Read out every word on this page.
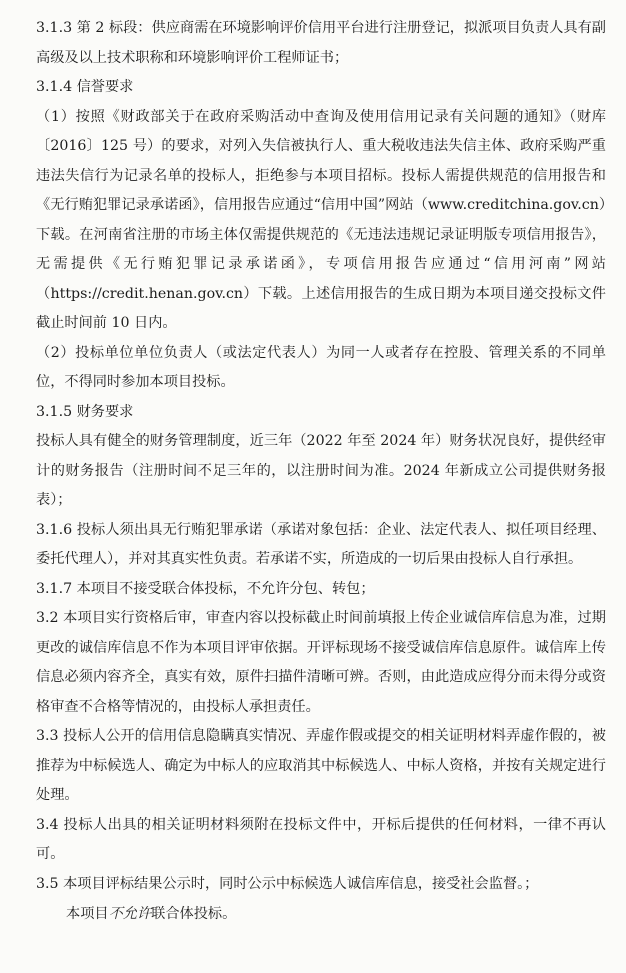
3.1.3 第 2 标段：供应商需在环境影响评价信用平台进行注册登记，拟派项目负责人具有副高级及以上技术职称和环境影响评价工程师证书；

3.1.4 信誉要求

（1）按照《财政部关于在政府采购活动中查询及使用信用记录有关问题的通知》（财库〔2016〕125 号）的要求，对列入失信被执行人、重大税收违法失信主体、政府采购严重违法失信行为记录名单的投标人，拒绝参与本项目招标。投标人需提供规范的信用报告和《无行贿犯罪记录承诺函》，信用报告应通过“信用中国”网站（www.creditchina.gov.cn）下载。在河南省注册的市场主体仅需提供规范的《无违法违规记录证明版专项信用报告》，无需提供《无行贿犯罪记录承诺函》，专项信用报告应通过“信用河南”网站（https://credit.henan.gov.cn）下载。上述信用报告的生成日期为本项目递交投标文件截止时间前 10 日内。

（2）投标单位单位负责人（或法定代表人）为同一人或者存在控股、管理关系的不同单位，不得同时参加本项目投标。

3.1.5 财务要求

投标人具有健全的财务管理制度，近三年（2022 年至 2024 年）财务状况良好，提供经审计的财务报告（注册时间不足三年的，以注册时间为准。2024 年新成立公司提供财务报表）；

3.1.6 投标人须出具无行贿犯罪承诺（承诺对象包括：企业、法定代表人、拟任项目经理、委托代理人），并对其真实性负责。若承诺不实，所造成的一切后果由投标人自行承担。

3.1.7 本项目不接受联合体投标，不允许分包、转包；

3.2 本项目实行资格后审，审查内容以投标截止时间前填报上传企业诚信库信息为准，过期更改的诚信库信息不作为本项目评审依据。开评标现场不接受诚信库信息原件。诚信库上传信息必须内容齐全，真实有效，原件扫描件清晰可辨。否则，由此造成应得分而未得分或资格审查不合格等情况的，由投标人承担责任。

3.3 投标人公开的信用信息隐瞒真实情况、弄虚作假或提交的相关证明材料弄虚作假的，被推荐为中标候选人、确定为中标人的应取消其中标候选人、中标人资格，并按有关规定进行处理。

3.4 投标人出具的相关证明材料须附在投标文件中，开标后提供的任何材料，一律不再认可。

3.5 本项目评标结果公示时，同时公示中标候选人诚信库信息，接受社会监督。；

本项目不允许联合体投标。
